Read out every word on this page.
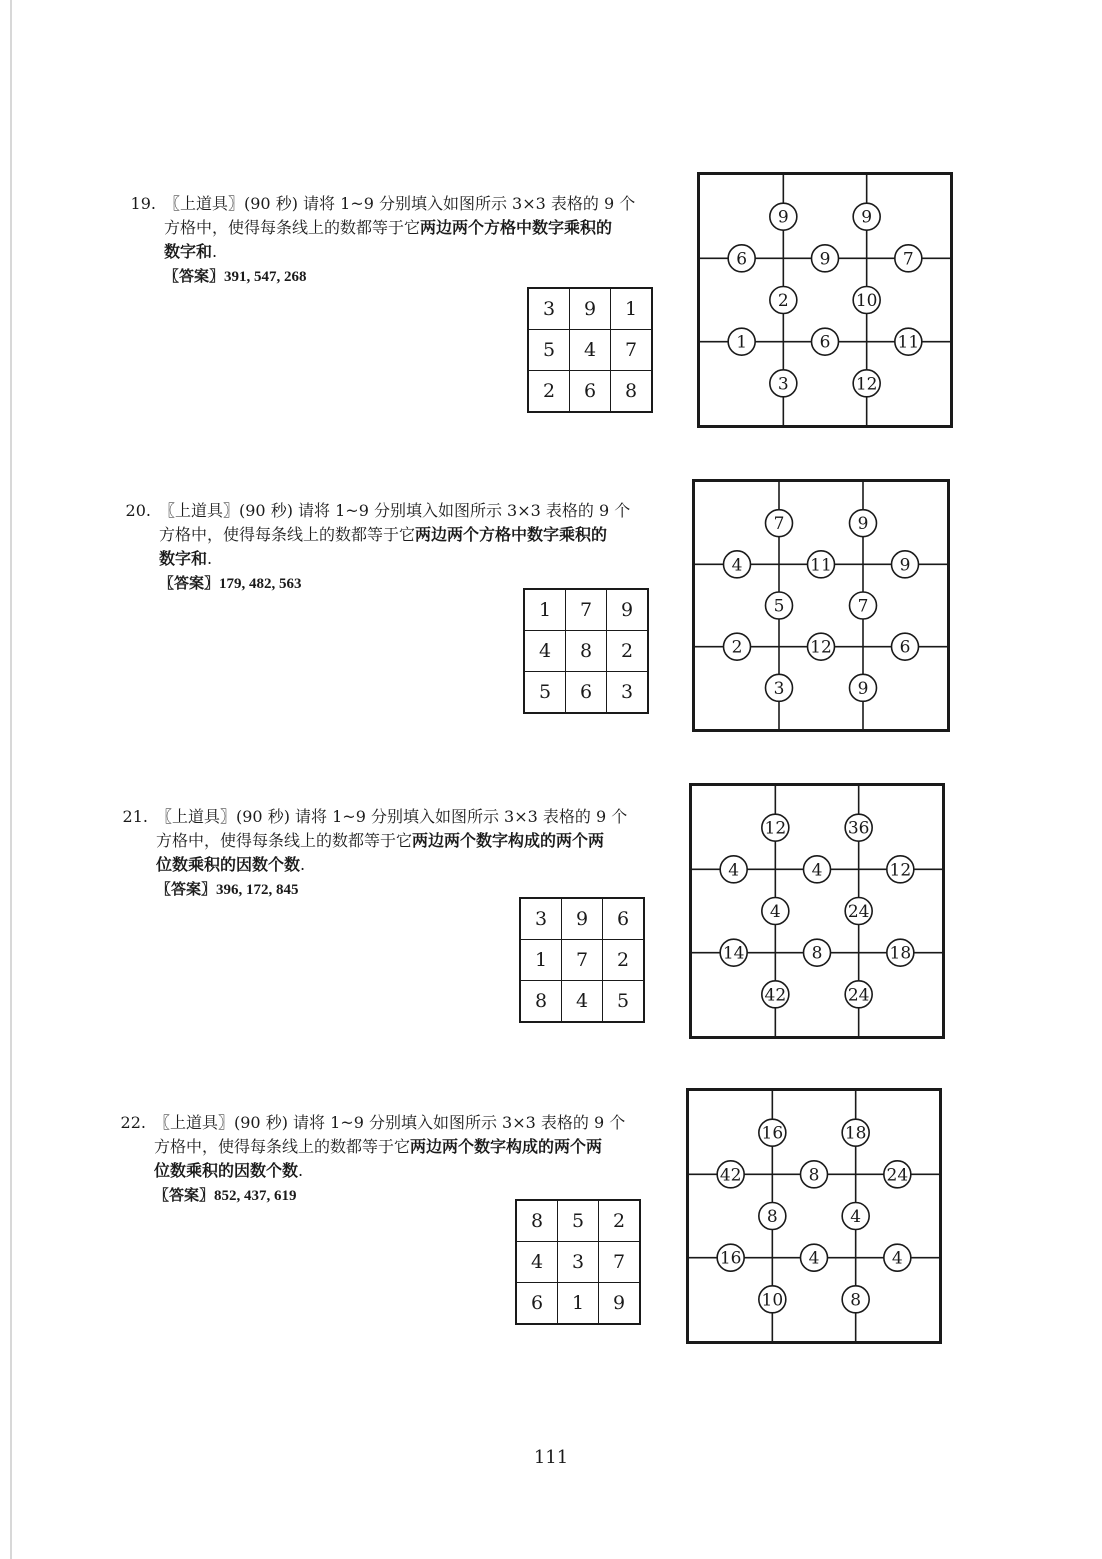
19. 〖上道具〗(90 秒) 请将 1~9 分别填入如图所示 3×3 表格的 9 个
方格中，使得每条线上的数都等于它两边两个方格中数字乘积的
数字和.
〖答案〗391, 547, 268
3	9	1
5	4	7
2	6	8
9	9
6	9	7
2	10
1	6	11
3	12
20. 〖上道具〗(90 秒) 请将 1~9 分别填入如图所示 3×3 表格的 9 个
方格中，使得每条线上的数都等于它两边两个方格中数字乘积的
数字和.
〖答案〗179, 482, 563
1	7	9
4	8	2
5	6	3
7	9
4	11	9
5	7
2	12	6
3	9
21. 〖上道具〗(90 秒) 请将 1~9 分别填入如图所示 3×3 表格的 9 个
方格中，使得每条线上的数都等于它两边两个数字构成的两个两
位数乘积的因数个数.
〖答案〗396, 172, 845
3	9	6
1	7	2
8	4	5
12	36
4	4	12
4	24
14	8	18
42	24
22. 〖上道具〗(90 秒) 请将 1~9 分别填入如图所示 3×3 表格的 9 个
方格中，使得每条线上的数都等于它两边两个数字构成的两个两
位数乘积的因数个数.
〖答案〗852, 437, 619
8	5	2
4	3	7
6	1	9
16	18
42	8	24
8	4
16	4	4
10	8
111
